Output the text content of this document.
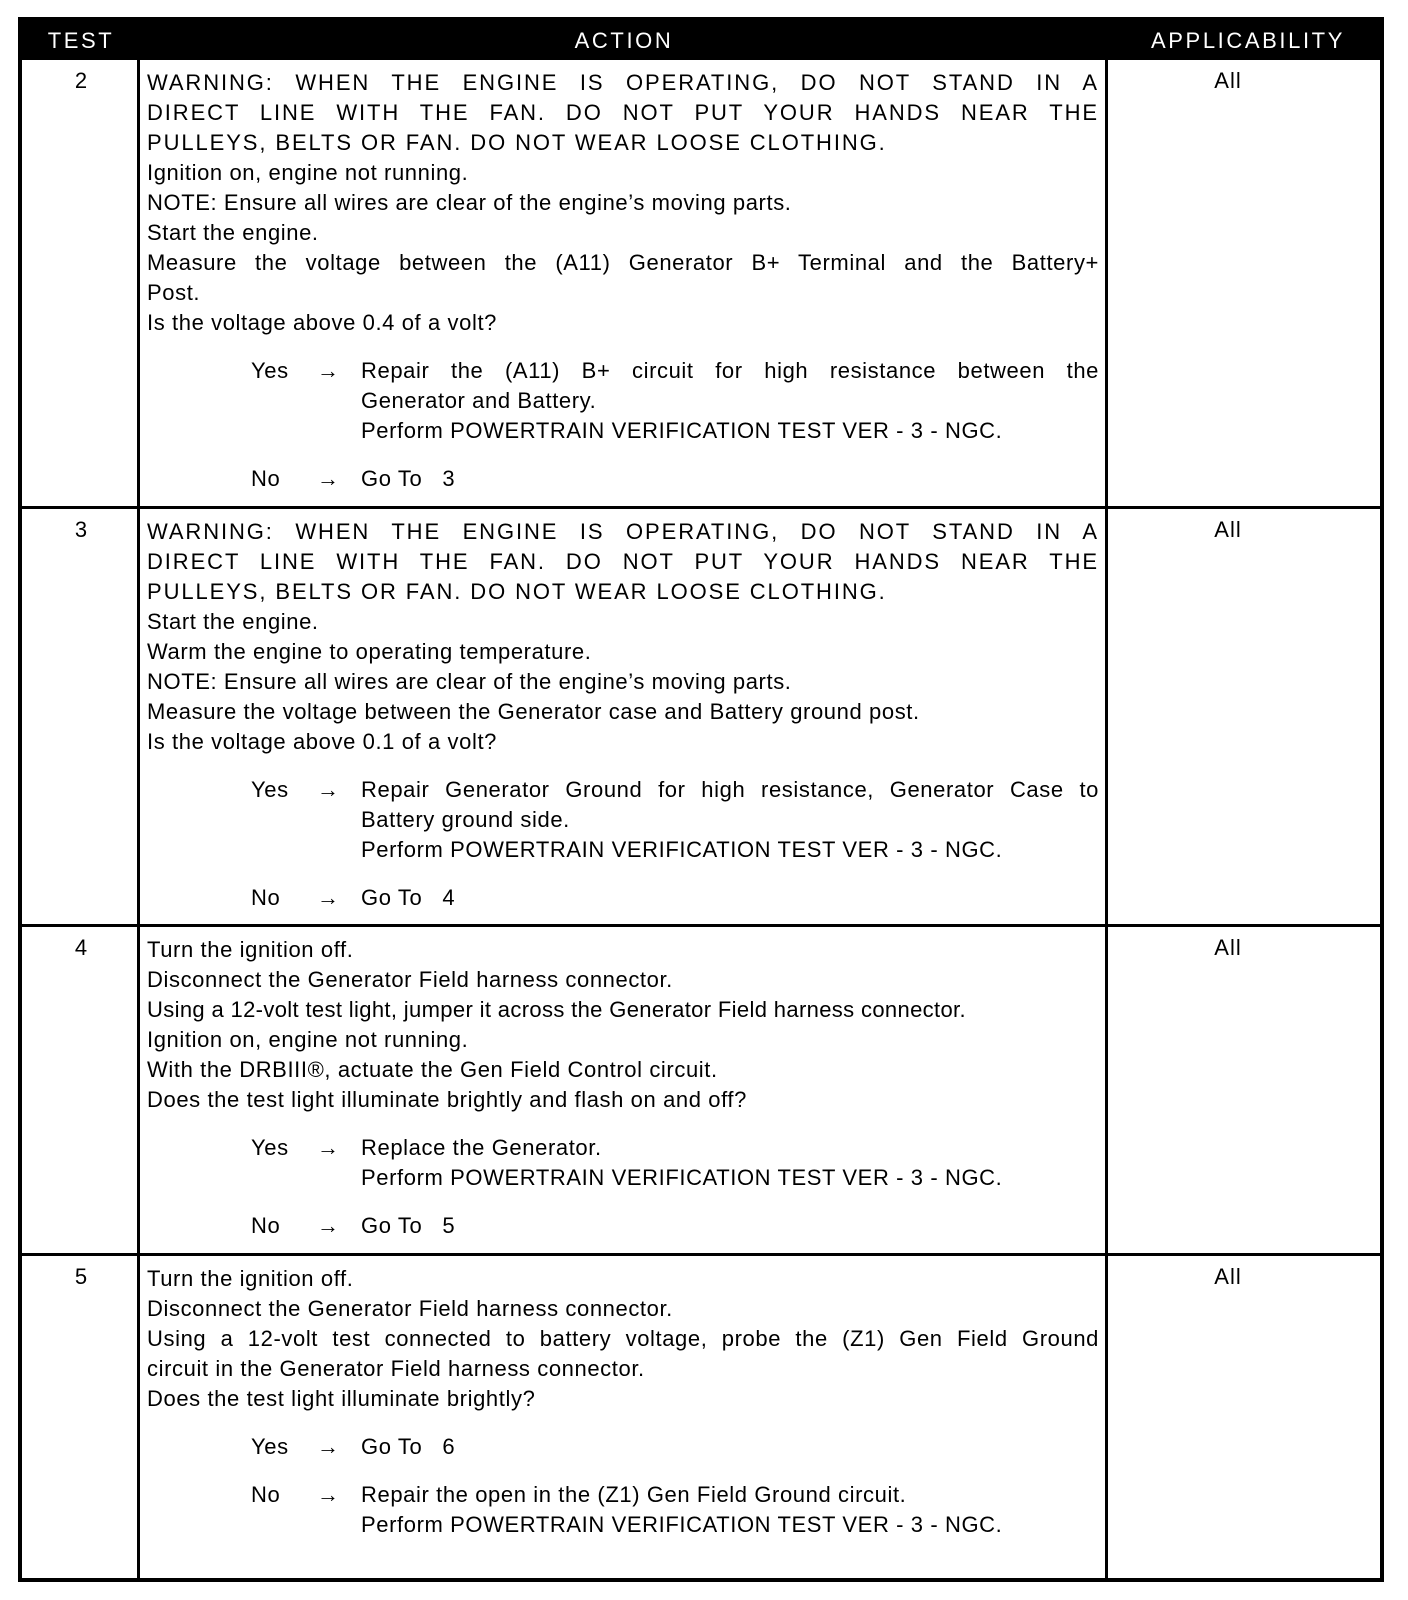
TEST	ACTION	APPLICABILITY
2	WARNING: WHEN THE ENGINE IS OPERATING, DO NOT STAND IN A
DIRECT LINE WITH THE FAN. DO NOT PUT YOUR HANDS NEAR THE
PULLEYS, BELTS OR FAN. DO NOT WEAR LOOSE CLOTHING.
Ignition on, engine not running.
NOTE: Ensure all wires are clear of the engine’s moving parts.
Start the engine.
Measure the voltage between the (A11) Generator B+ Terminal and the Battery+
Post.
Is the voltage above 0.4 of a volt?
Yes	→ Repair the (A11) B+ circuit for high resistance between the
Generator and Battery.
Perform POWERTRAIN VERIFICATION TEST VER - 3 - NGC.
No	→ Go To   3
All
3	WARNING: WHEN THE ENGINE IS OPERATING, DO NOT STAND IN A
DIRECT LINE WITH THE FAN. DO NOT PUT YOUR HANDS NEAR THE
PULLEYS, BELTS OR FAN. DO NOT WEAR LOOSE CLOTHING.
Start the engine.
Warm the engine to operating temperature.
NOTE: Ensure all wires are clear of the engine’s moving parts.
Measure the voltage between the Generator case and Battery ground post.
Is the voltage above 0.1 of a volt?
Yes	→ Repair Generator Ground for high resistance, Generator Case to
Battery ground side.
Perform POWERTRAIN VERIFICATION TEST VER - 3 - NGC.
No	→ Go To   4
All
4	Turn the ignition off.
Disconnect the Generator Field harness connector.
Using a 12-volt test light, jumper it across the Generator Field harness connector.
Ignition on, engine not running.
With the DRBIII®, actuate the Gen Field Control circuit.
Does the test light illuminate brightly and flash on and off?
Yes	→ Replace the Generator.
Perform POWERTRAIN VERIFICATION TEST VER - 3 - NGC.
No	→ Go To   5
All
5	Turn the ignition off.
Disconnect the Generator Field harness connector.
Using a 12-volt test connected to battery voltage, probe the (Z1) Gen Field Ground
circuit in the Generator Field harness connector.
Does the test light illuminate brightly?
Yes	→ Go To   6
No	→ Repair the open in the (Z1) Gen Field Ground circuit.
Perform POWERTRAIN VERIFICATION TEST VER - 3 - NGC.
All
